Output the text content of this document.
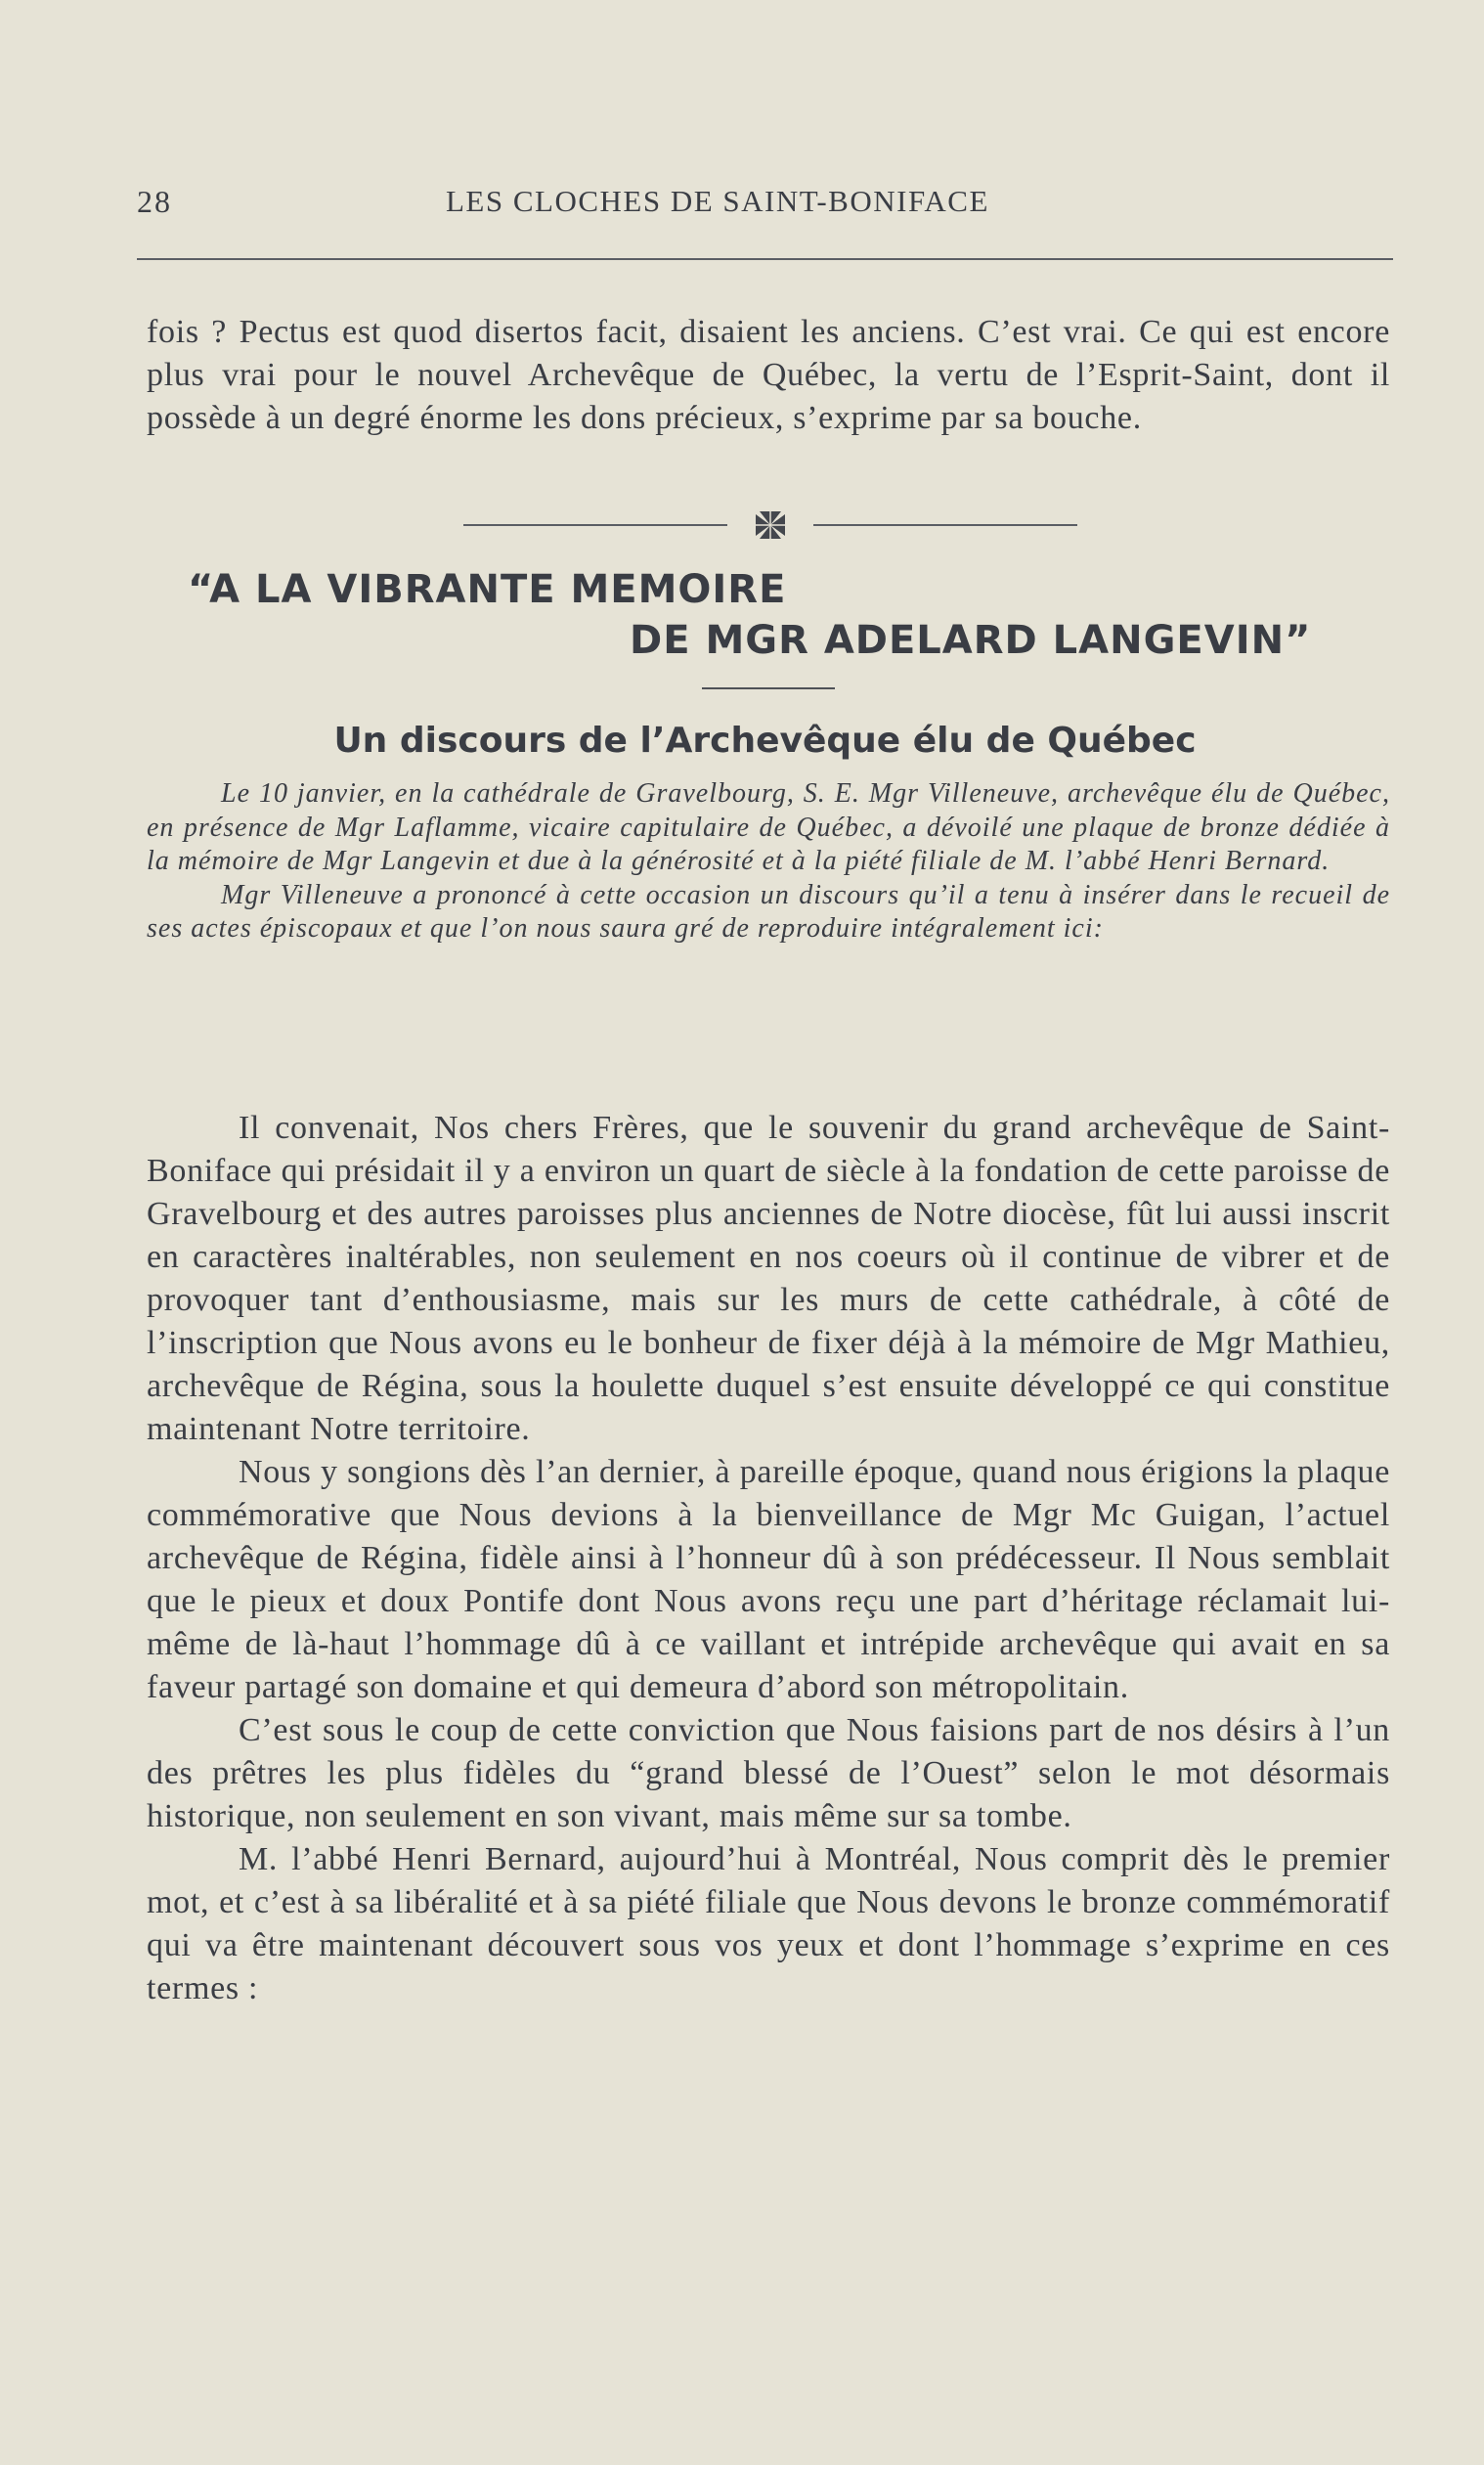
28	LES CLOCHES DE SAINT-BONIFACE

fois ? Pectus est quod disertos facit, disaient les anciens. C’est vrai. Ce qui est encore plus vrai pour le nouvel Archevêque de Québec, la vertu de l’Esprit-Saint, dont il possède à un degré énorme les dons précieux, s’exprime par sa bouche.

“A LA VIBRANTE MEMOIRE
DE MGR ADELARD LANGEVIN”
Un discours de l’Archevêque élu de Québec

Le 10 janvier, en la cathédrale de Gravelbourg, S. E. Mgr Villeneuve, archevêque élu de Québec, en présence de Mgr Laflamme, vicaire capitulaire de Québec, a dévoilé une plaque de bronze dédiée à la mémoire de Mgr Langevin et due à la générosité et à la piété filiale de M. l’abbé Henri Bernard.

Mgr Villeneuve a prononcé à cette occasion un discours qu’il a tenu à insérer dans le recueil de ses actes épiscopaux et que l’on nous saura gré de reproduire intégralement ici:

Il convenait, Nos chers Frères, que le souvenir du grand archevêque de Saint-Boniface qui présidait il y a environ un quart de siècle à la fondation de cette paroisse de Gravelbourg et des autres paroisses plus anciennes de Notre diocèse, fût lui aussi inscrit en caractères inaltérables, non seulement en nos coeurs où il continue de vibrer et de provoquer tant d’enthousiasme, mais sur les murs de cette cathédrale, à côté de l’inscription que Nous avons eu le bonheur de fixer déjà à la mémoire de Mgr Mathieu, archevêque de Régina, sous la houlette duquel s’est ensuite développé ce qui constitue maintenant Notre territoire.

Nous y songions dès l’an dernier, à pareille époque, quand nous érigions la plaque commémorative que Nous devions à la bienveillance de Mgr Mc Guigan, l’actuel archevêque de Régina, fidèle ainsi à l’honneur dû à son prédécesseur. Il Nous semblait que le pieux et doux Pontife dont Nous avons reçu une part d’héritage réclamait lui-même de là-haut l’hommage dû à ce vaillant et intrépide archevêque qui avait en sa faveur partagé son domaine et qui demeura d’abord son métropolitain.

C’est sous le coup de cette conviction que Nous faisions part de nos désirs à l’un des prêtres les plus fidèles du “grand blessé de l’Ouest” selon le mot désormais historique, non seulement en son vivant, mais même sur sa tombe.

M. l’abbé Henri Bernard, aujourd’hui à Montréal, Nous comprit dès le premier mot, et c’est à sa libéralité et à sa piété filiale que Nous devons le bronze commémoratif qui va être maintenant découvert sous vos yeux et dont l’hommage s’exprime en ces termes :
